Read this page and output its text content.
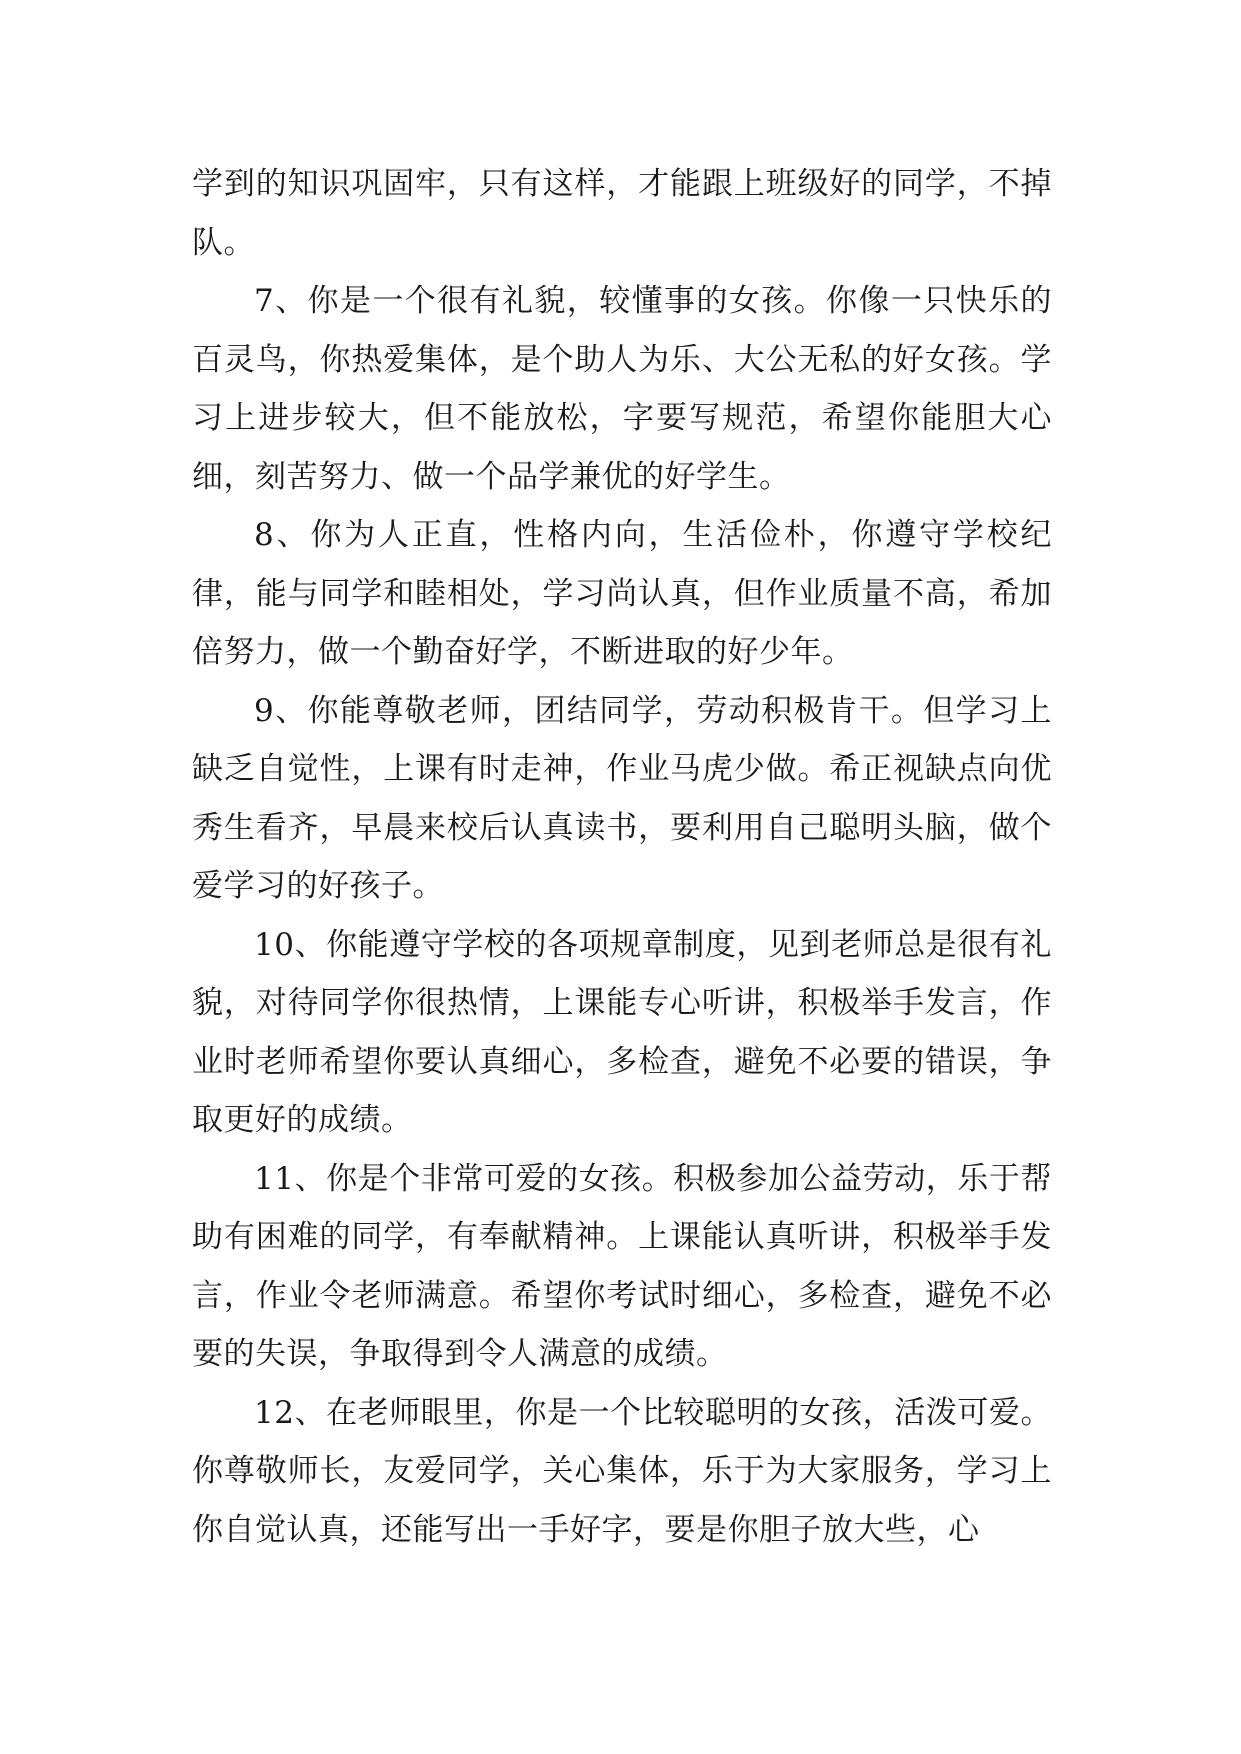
学到的知识巩固牢，只有这样，才能跟上班级好的同学，不掉队。

7、你是一个很有礼貌，较懂事的女孩。你像一只快乐的百灵鸟，你热爱集体，是个助人为乐、大公无私的好女孩。学习上进步较大，但不能放松，字要写规范，希望你能胆大心细，刻苦努力、做一个品学兼优的好学生。

8、你为人正直，性格内向，生活俭朴，你遵守学校纪律，能与同学和睦相处，学习尚认真，但作业质量不高，希加倍努力，做一个勤奋好学，不断进取的好少年。

9、你能尊敬老师，团结同学，劳动积极肯干。但学习上缺乏自觉性，上课有时走神，作业马虎少做。希正视缺点向优秀生看齐，早晨来校后认真读书，要利用自己聪明头脑，做个爱学习的好孩子。

10、你能遵守学校的各项规章制度，见到老师总是很有礼貌，对待同学你很热情，上课能专心听讲，积极举手发言，作业时老师希望你要认真细心，多检查，避免不必要的错误，争取更好的成绩。

11、你是个非常可爱的女孩。积极参加公益劳动，乐于帮助有困难的同学，有奉献精神。上课能认真听讲，积极举手发言，作业令老师满意。希望你考试时细心，多检查，避免不必要的失误，争取得到令人满意的成绩。

12、在老师眼里，你是一个比较聪明的女孩，活泼可爱。你尊敬师长，友爱同学，关心集体，乐于为大家服务，学习上你自觉认真，还能写出一手好字，要是你胆子放大些，心
